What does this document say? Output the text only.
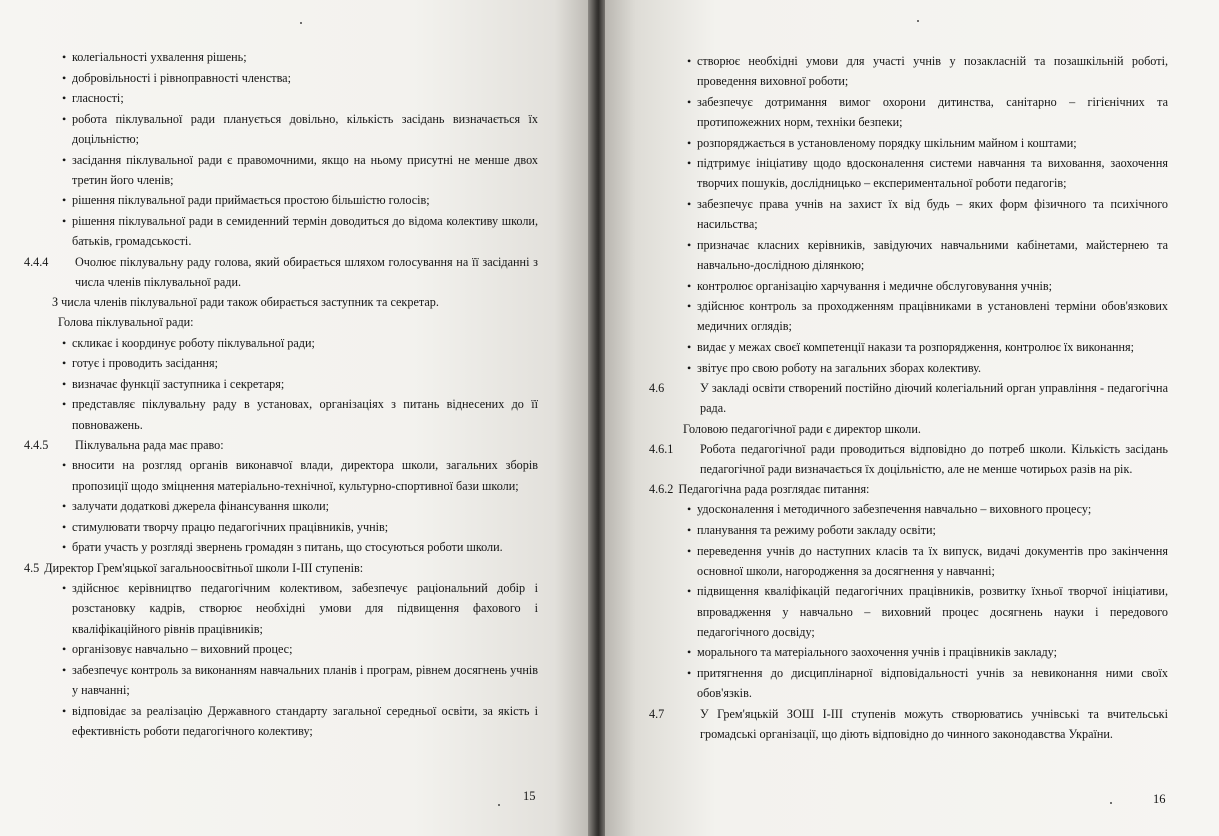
• колегіальності ухвалення рішень;
• добровільності і рівноправності членства;
• гласності;
• робота піклувальної ради планується довільно, кількість засідань визначається їх доцільністю;
• засідання піклувальної ради є правомочними, якщо на ньому присутні не менше двох третин його членів;
• рішення піклувальної ради приймається простою більшістю голосів;
• рішення піклувальної ради в семиденний термін доводиться до відома колективу школи, батьків, громадськості.

4.4.4 Очолює піклувальну раду голова, який обирається шляхом голосування на її засіданні з числа членів піклувальної ради.

З числа членів піклувальної ради також обирається заступник та секретар.

Голова піклувальної ради:

• скликає і координує роботу піклувальної ради;
• готує і проводить засідання;
• визначає функції заступника і секретаря;
• представляє піклувальну раду в установах, організаціях з питань віднесених до її повноважень.

4.4.5 Піклувальна рада має право:

• вносити на розгляд органів виконавчої влади, директора школи, загальних зборів пропозиції щодо зміцнення матеріально-технічної, культурно-спортивної бази школи;
• залучати додаткові джерела фінансування школи;
• стимулювати творчу працю педагогічних працівників, учнів;
• брати участь у розгляді звернень громадян з питань, що стосуються роботи школи.

4.5 Директор Грем'яцької загальноосвітньої школи І-ІІІ ступенів:

• здійснює керівництво педагогічним колективом, забезпечує раціональний добір і розстановку кадрів, створює необхідні умови для підвищення фахового і кваліфікаційного рівнів працівників;
• організовує навчально – виховний процес;
• забезпечує контроль за виконанням навчальних планів і програм, рівнем досягнень учнів у навчанні;
• відповідає за реалізацію Державного стандарту загальної середньої освіти, за якість і ефективність роботи педагогічного колективу;
15
• створює необхідні умови для участі учнів у позакласній та позашкільній роботі, проведення виховної роботи;
• забезпечує дотримання вимог охорони дитинства, санітарно – гігієнічних та протипожежних норм, техніки безпеки;
• розпоряджається в установленому порядку шкільним майном і коштами;
• підтримує ініціативу щодо вдосконалення системи навчання та виховання, заохочення творчих пошуків, дослідницько – експериментальної роботи педагогів;
• забезпечує права учнів на захист їх від будь – яких форм фізичного та психічного насильства;
• призначає класних керівників, завідуючих навчальними кабінетами, майстернею та навчально-дослідною ділянкою;
• контролює організацію харчування і медичне обслуговування учнів;
• здійснює контроль за проходженням працівниками в установлені терміни обов'язкових медичних оглядів;
• видає у межах своєї компетенції накази та розпорядження, контролює їх виконання;
• звітує про свою роботу на загальних зборах колективу.

4.6	У закладі освіти створений постійно діючий колегіальний орган управління - педагогічна рада.

Головою педагогічної ради є директор школи.

4.6.1 Робота педагогічної ради проводиться відповідно до потреб школи. Кількість засідань педагогічної ради визначається їх доцільністю, але не менше чотирьох разів на рік.

4.6.2 Педагогічна рада розглядає питання:

• удосконалення і методичного забезпечення навчально – виховного процесу;
• планування та режиму роботи закладу освіти;
• переведення учнів до наступних класів та їх випуск, видачі документів про закінчення основної школи, нагородження за досягнення у навчанні;
• підвищення кваліфікацій педагогічних працівників, розвитку їхньої творчої ініціативи, впровадження у навчально – виховний процес досягнень науки і передового педагогічного досвіду;
• морального та матеріального заохочення учнів і працівників закладу;
• притягнення до дисциплінарної відповідальності учнів за невиконання ними своїх обов'язків.

4.7	У Грем'яцькій ЗОШ І-ІІІ ступенів можуть створюватись учнівські та вчительські громадські організації, що діють відповідно до чинного законодавства України.

16
